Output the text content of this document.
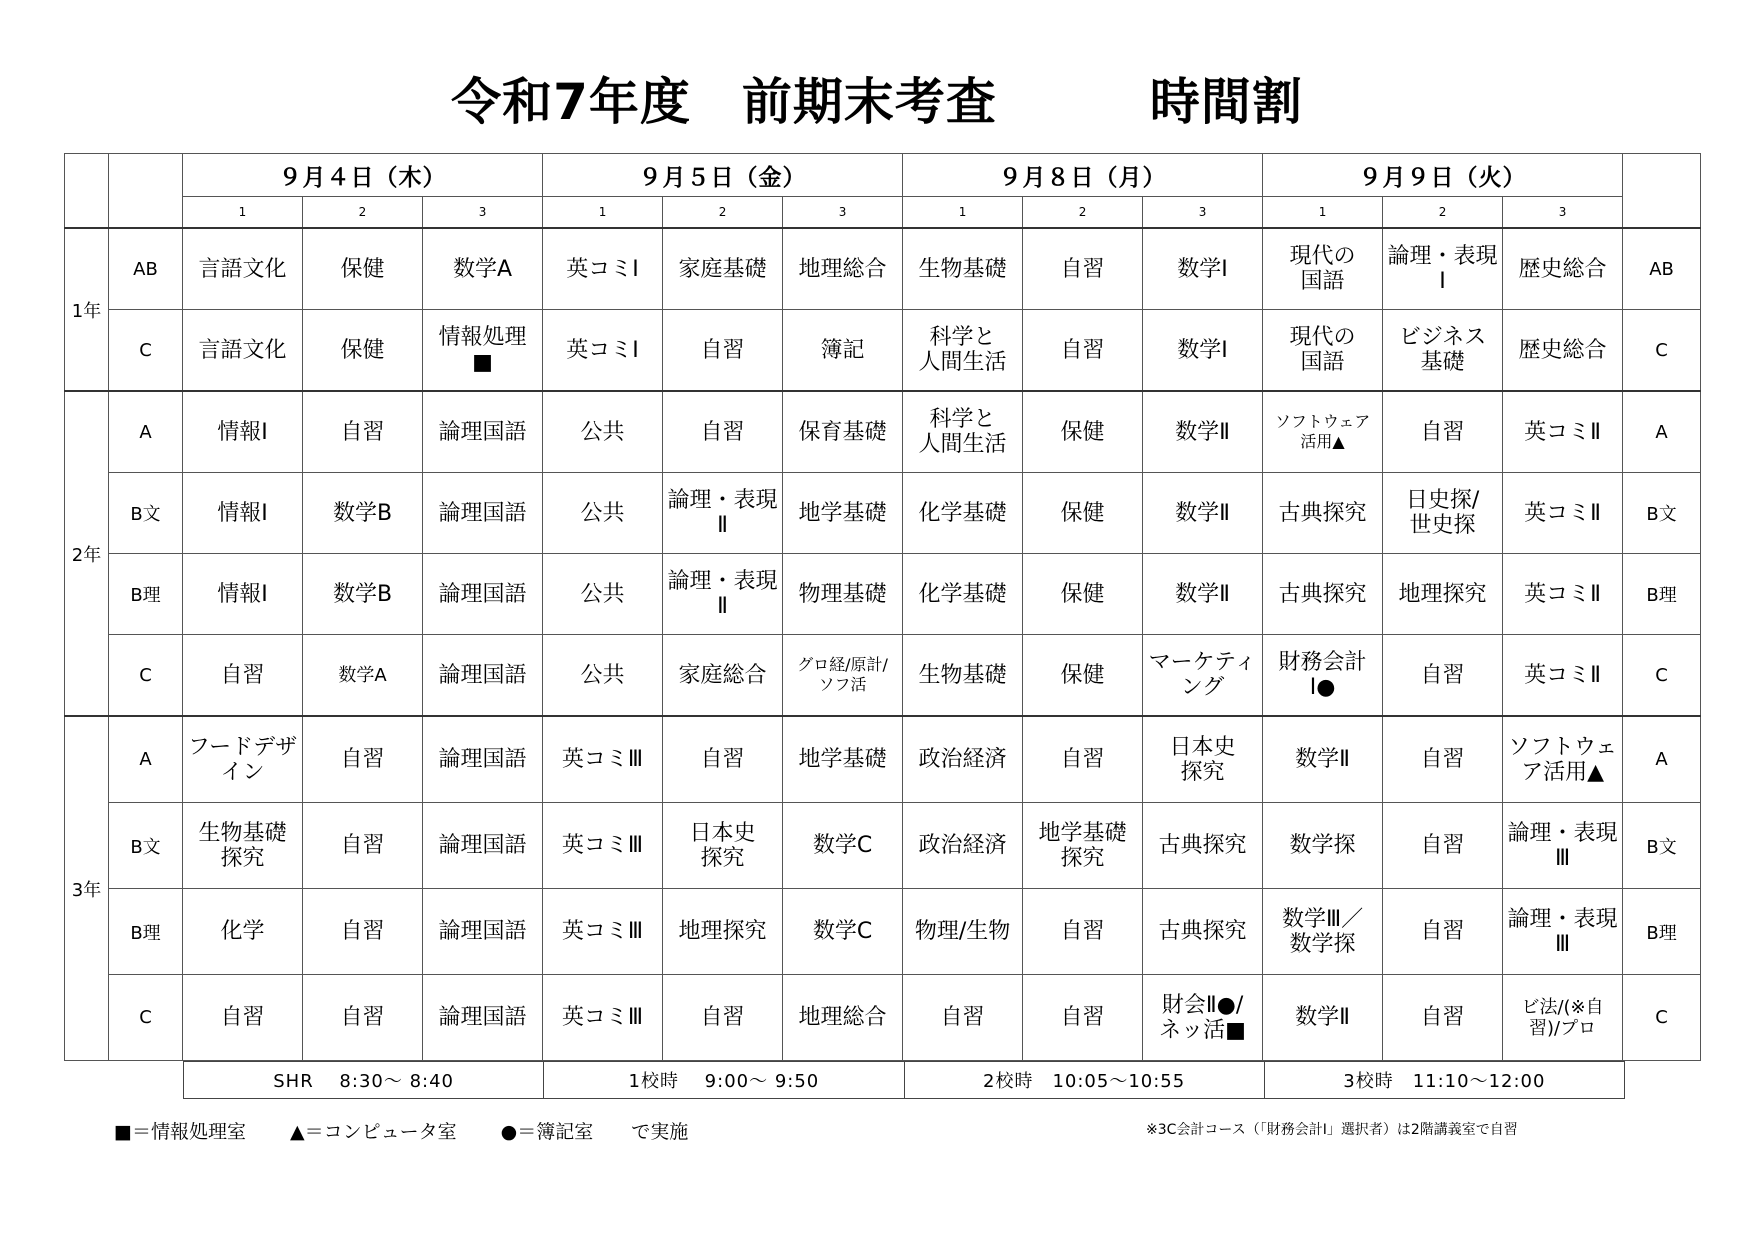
令和7年度　前期末考査　　　時間割
		９月４日（木）			９月５日（金）			９月８日（月）			９月９日（火）			
		1	2	3	1	2	3	1	2	3	1	2	3	
1年	AB	言語文化	保健	数学A	英コミⅠ	家庭基礎	地理総合	生物基礎	自習	数学Ⅰ	現代の
国語	論理・表現
Ⅰ	歴史総合	AB
	C	言語文化	保健	情報処理
■	英コミⅠ	自習	簿記	科学と
人間生活	自習	数学Ⅰ	現代の
国語	ビジネス
基礎	歴史総合	C
2年	A	情報Ⅰ	自習	論理国語	公共	自習	保育基礎	科学と
人間生活	保健	数学Ⅱ	ソフトウェア
活用▲	自習	英コミⅡ	A
	B文	情報Ⅰ	数学B	論理国語	公共	論理・表現
Ⅱ	地学基礎	化学基礎	保健	数学Ⅱ	古典探究	日史探/
世史探	英コミⅡ	B文
	B理	情報Ⅰ	数学B	論理国語	公共	論理・表現
Ⅱ	物理基礎	化学基礎	保健	数学Ⅱ	古典探究	地理探究	英コミⅡ	B理
	C	自習	数学A	論理国語	公共	家庭総合	グロ経/原計/
ソフ活	生物基礎	保健	マーケティ
ング	財務会計
Ⅰ●	自習	英コミⅡ	C
3年	A	フードデザ
イン	自習	論理国語	英コミⅢ	自習	地学基礎	政治経済	自習	日本史
探究	数学Ⅱ	自習	ソフトウェ
ア活用▲	A
	B文	生物基礎
探究	自習	論理国語	英コミⅢ	日本史
探究	数学C	政治経済	地学基礎
探究	古典探究	数学探	自習	論理・表現
Ⅲ	B文
	B理	化学	自習	論理国語	英コミⅢ	地理探究	数学C	物理/生物	自習	古典探究	数学Ⅲ／
数学探	自習	論理・表現
Ⅲ	B理
	C	自習	自習	論理国語	英コミⅢ	自習	地理総合	自習	自習	財会Ⅱ●/
ネッ活■	数学Ⅱ	自習	ビ法/(※自
習)/プロ	C
SHR　 8:30～ 8:40	1校時　 9:00～ 9:50	2校時　10:05～10:55	3校時　11:10～12:00
■＝情報処理室　　 ▲＝コンピュータ室　　 ●＝簿記室　　で実施	※3C会計コース（「財務会計Ⅰ」選択者）は2階講義室で自習
